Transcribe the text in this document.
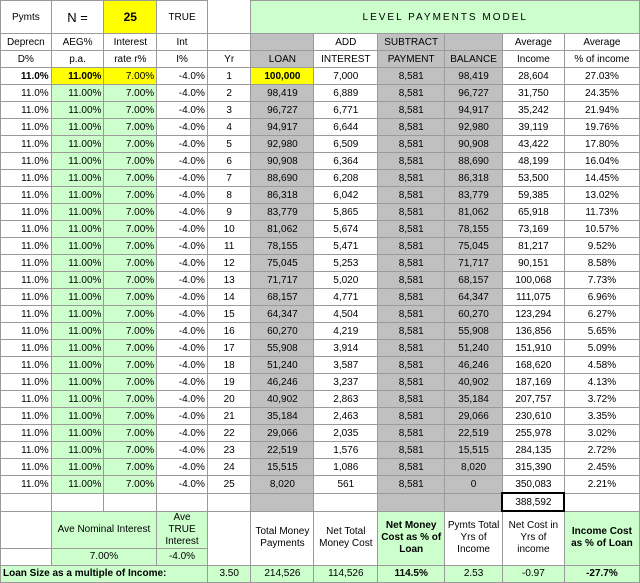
Pymts	N =	25	TRUE		LEVEL PAYMENTS MODEL					
Deprecn	AEG%	Interest	Int			ADD	SUBTRACT		Average	Average
D%	p.a.	rate r%	I%	Yr	LOAN	INTEREST	PAYMENT	BALANCE	Income	% of income
11.0%	11.00%	7.00%	-4.0%	1	100,000	7,000	8,581	98,419	28,604	27.03%
11.0%	11.00%	7.00%	-4.0%	2	98,419	6,889	8,581	96,727	31,750	24.35%
11.0%	11.00%	7.00%	-4.0%	3	96,727	6,771	8,581	94,917	35,242	21.94%
11.0%	11.00%	7.00%	-4.0%	4	94,917	6,644	8,581	92,980	39,119	19.76%
11.0%	11.00%	7.00%	-4.0%	5	92,980	6,509	8,581	90,908	43,422	17.80%
11.0%	11.00%	7.00%	-4.0%	6	90,908	6,364	8,581	88,690	48,199	16.04%
11.0%	11.00%	7.00%	-4.0%	7	88,690	6,208	8,581	86,318	53,500	14.45%
11.0%	11.00%	7.00%	-4.0%	8	86,318	6,042	8,581	83,779	59,385	13.02%
11.0%	11.00%	7.00%	-4.0%	9	83,779	5,865	8,581	81,062	65,918	11.73%
11.0%	11.00%	7.00%	-4.0%	10	81,062	5,674	8,581	78,155	73,169	10.57%
11.0%	11.00%	7.00%	-4.0%	11	78,155	5,471	8,581	75,045	81,217	9.52%
11.0%	11.00%	7.00%	-4.0%	12	75,045	5,253	8,581	71,717	90,151	8.58%
11.0%	11.00%	7.00%	-4.0%	13	71,717	5,020	8,581	68,157	100,068	7.73%
11.0%	11.00%	7.00%	-4.0%	14	68,157	4,771	8,581	64,347	111,075	6.96%
11.0%	11.00%	7.00%	-4.0%	15	64,347	4,504	8,581	60,270	123,294	6.27%
11.0%	11.00%	7.00%	-4.0%	16	60,270	4,219	8,581	55,908	136,856	5.65%
11.0%	11.00%	7.00%	-4.0%	17	55,908	3,914	8,581	51,240	151,910	5.09%
11.0%	11.00%	7.00%	-4.0%	18	51,240	3,587	8,581	46,246	168,620	4.58%
11.0%	11.00%	7.00%	-4.0%	19	46,246	3,237	8,581	40,902	187,169	4.13%
11.0%	11.00%	7.00%	-4.0%	20	40,902	2,863	8,581	35,184	207,757	3.72%
11.0%	11.00%	7.00%	-4.0%	21	35,184	2,463	8,581	29,066	230,610	3.35%
11.0%	11.00%	7.00%	-4.0%	22	29,066	2,035	8,581	22,519	255,978	3.02%
11.0%	11.00%	7.00%	-4.0%	23	22,519	1,576	8,581	15,515	284,135	2.72%
11.0%	11.00%	7.00%	-4.0%	24	15,515	1,086	8,581	8,020	315,390	2.45%
11.0%	11.00%	7.00%	-4.0%	25	8,020	561	8,581	0	350,083	2.21%
									388,592	
	Ave Nominal Interest		Ave TRUE Interest		Total Money Payments	Net Total Money Cost	Net Money Cost as % of Loan	Pymts Total Yrs of Income	Net Cost in Yrs of income	Income Cost as % of Loan
	7.00%		-4.0%							
Loan Size as a multiple of Income:				3.50	214,526	114,526	114.5%	2.53	-0.97	-27.7%
